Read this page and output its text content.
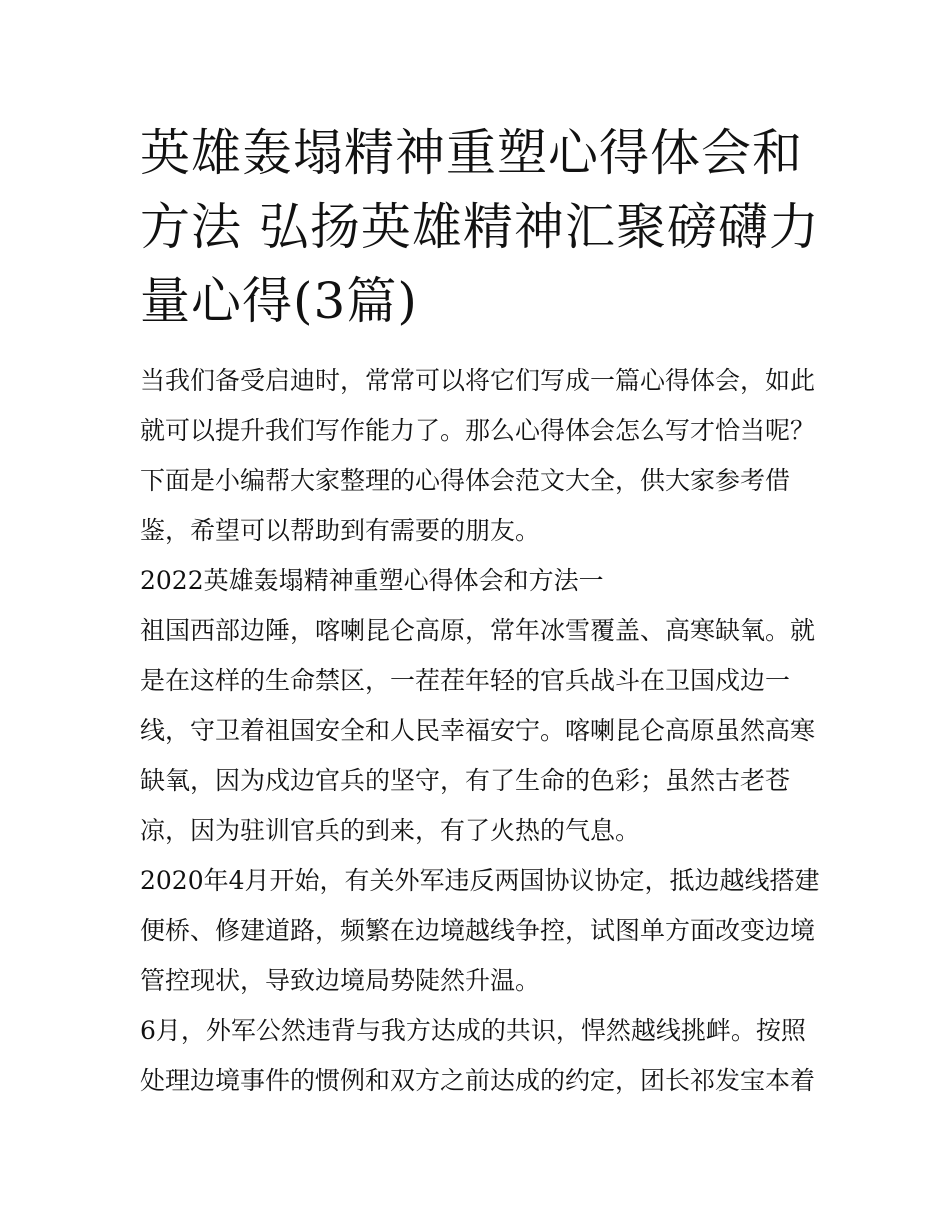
英雄轰塌精神重塑心得体会和方法 弘扬英雄精神汇聚磅礴力量心得(3篇)

当我们备受启迪时，常常可以将它们写成一篇心得体会，如此就可以提升我们写作能力了。那么心得体会怎么写才恰当呢？下面是小编帮大家整理的心得体会范文大全，供大家参考借鉴，希望可以帮助到有需要的朋友。

2022英雄轰塌精神重塑心得体会和方法一

祖国西部边陲，喀喇昆仑高原，常年冰雪覆盖、高寒缺氧。就是在这样的生命禁区，一茬茬年轻的官兵战斗在卫国戍边一线，守卫着祖国安全和人民幸福安宁。喀喇昆仑高原虽然高寒缺氧，因为戍边官兵的坚守，有了生命的色彩；虽然古老苍凉，因为驻训官兵的到来，有了火热的气息。

2020年4月开始，有关外军违反两国协议协定，抵边越线搭建便桥、修建道路，频繁在边境越线争控，试图单方面改变边境管控现状，导致边境局势陡然升温。

6月，外军公然违背与我方达成的共识，悍然越线挑衅。按照处理边境事件的惯例和双方之前达成的约定，团长祁发宝本着
